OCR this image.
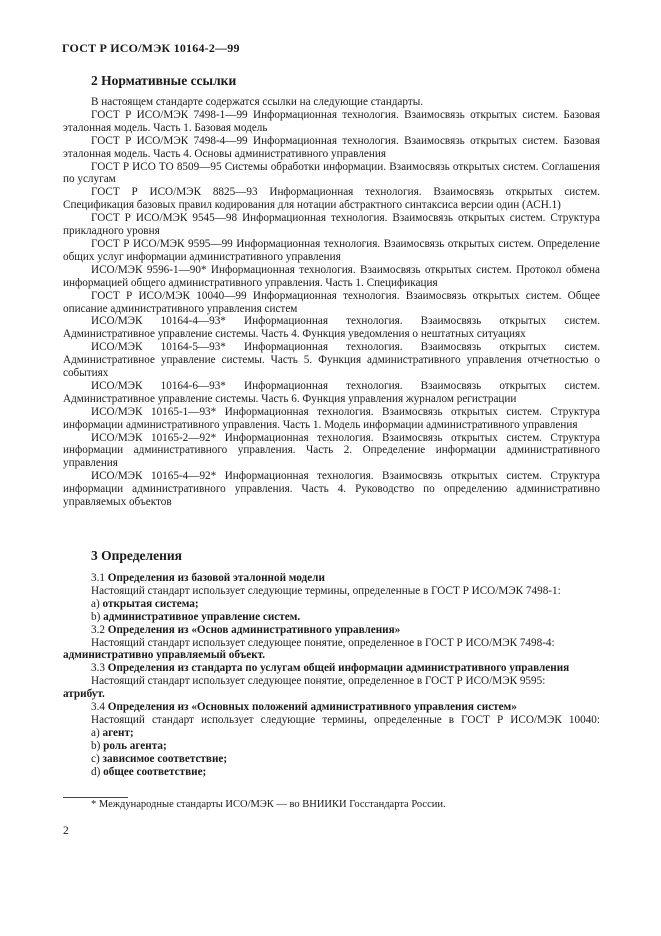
ГОСТ Р ИСО/МЭК 10164-2—99
2 Нормативные ссылки

В настоящем стандарте содержатся ссылки на следующие стандарты.

ГОСТ Р ИСО/МЭК 7498-1—99 Информационная технология. Взаимосвязь открытых систем. Базовая эталонная модель. Часть 1. Базовая модель

ГОСТ Р ИСО/МЭК 7498-4—99 Информационная технология. Взаимосвязь открытых систем. Базовая эталонная модель. Часть 4. Основы административного управления

ГОСТ Р ИСО ТО 8509—95 Системы обработки информации. Взаимосвязь открытых систем. Соглашения по услугам

ГОСТ Р ИСО/МЭК 8825—93 Информационная технология. Взаимосвязь открытых систем. Спецификация базовых правил кодирования для нотации абстрактного синтаксиса версии один (АСН.1)

ГОСТ Р ИСО/МЭК 9545—98 Информационная технология. Взаимосвязь открытых систем. Структура прикладного уровня

ГОСТ Р ИСО/МЭК 9595—99 Информационная технология. Взаимосвязь открытых систем. Определение общих услуг информации административного управления

ИСО/МЭК 9596-1—90* Информационная технология. Взаимосвязь открытых систем. Протокол обмена информацией общего административного управления. Часть 1. Спецификация

ГОСТ Р ИСО/МЭК 10040—99 Информационная технология. Взаимосвязь открытых систем. Общее описание административного управления систем

ИСО/МЭК 10164-4—93* Информационная технология. Взаимосвязь открытых систем. Административное управление системы. Часть 4. Функция уведомления о нештатных ситуациях

ИСО/МЭК 10164-5—93* Информационная технология. Взаимосвязь открытых систем. Административное управление системы. Часть 5. Функция административного управления отчетностью о событиях

ИСО/МЭК 10164-6—93* Информационная технология. Взаимосвязь открытых систем. Административное управление системы. Часть 6. Функция управления журналом регистрации

ИСО/МЭК 10165-1—93* Информационная технология. Взаимосвязь открытых систем. Структура информации административного управления. Часть 1. Модель информации административного управления

ИСО/МЭК 10165-2—92* Информационная технология. Взаимосвязь открытых систем. Структура информации административного управления. Часть 2. Определение информации административного управления

ИСО/МЭК 10165-4—92* Информационная технология. Взаимосвязь открытых систем. Структура информации административного управления. Часть 4. Руководство по определению административно управляемых объектов

3 Определения

3.1 Определения из базовой эталонной модели

Настоящий стандарт использует следующие термины, определенные в ГОСТ Р ИСО/МЭК 7498-1:

a) открытая система;

b) административное управление систем.

3.2 Определения из «Основ административного управления»

Настоящий стандарт использует следующее понятие, определенное в ГОСТ Р ИСО/МЭК 7498-4:

административно управляемый объект.

3.3 Определения из стандарта по услугам общей информации административного управления

Настоящий стандарт использует следующее понятие, определенное в ГОСТ Р ИСО/МЭК 9595:

атрибут.

3.4 Определения из «Основных положений административного управления систем»

Настоящий стандарт использует следующие термины, определенные в ГОСТ Р ИСО/МЭК 10040:

a) агент;

b) роль агента;

c) зависимое соответствие;

d) общее соответствие;

* Международные стандарты ИСО/МЭК — во ВНИИКИ Госстандарта России.
2
